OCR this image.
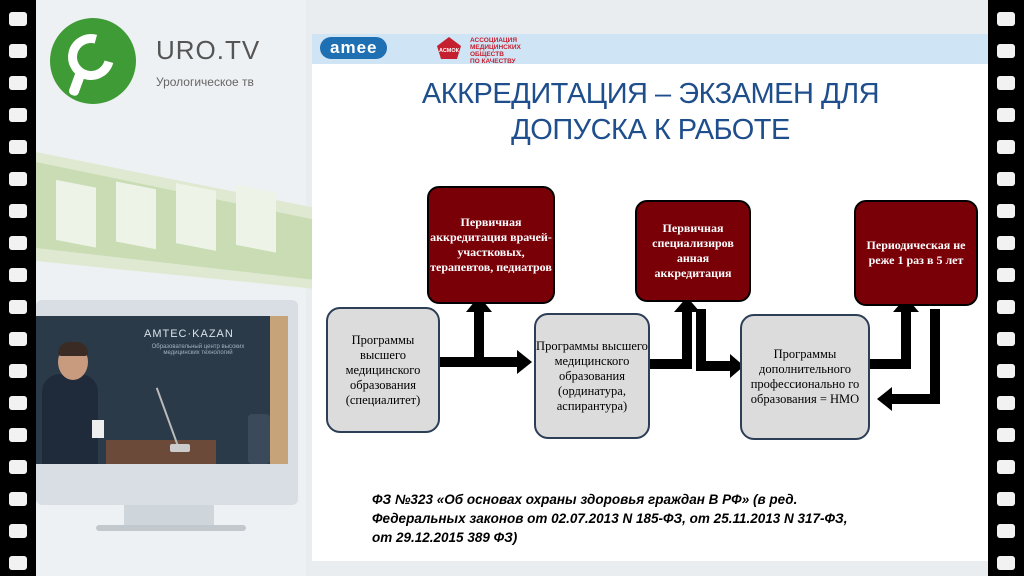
URO.TV
Урологическое тв
AMTEC·KAZAN
Образовательный центр высоких медицинских технологий
amee	АСМОК
АССОЦИАЦИЯ
МЕДИЦИНСКИХ
ОБЩЕСТВ
ПО КАЧЕСТВУ
АККРЕДИТАЦИЯ – ЭКЗАМЕН ДЛЯ
ДОПУСКА К РАБОТЕ
Программы высшего медицинского образования (специалитет)
Программы высшего медицинского образования (ординатура, аспирантура)
Программы дополнительного профессионально го образования = НМО
Первичная аккредитация врачей- участковых, терапевтов, педиатров
Первичная специализиров анная аккредитация
Периодическая не реже 1 раз в 5 лет
ФЗ №323 «Об основах охраны здоровья граждан В РФ» (в ред.
Федеральных законов от 02.07.2013 N 185-ФЗ, от 25.11.2013 N 317-ФЗ,
от 29.12.2015 389 ФЗ)
